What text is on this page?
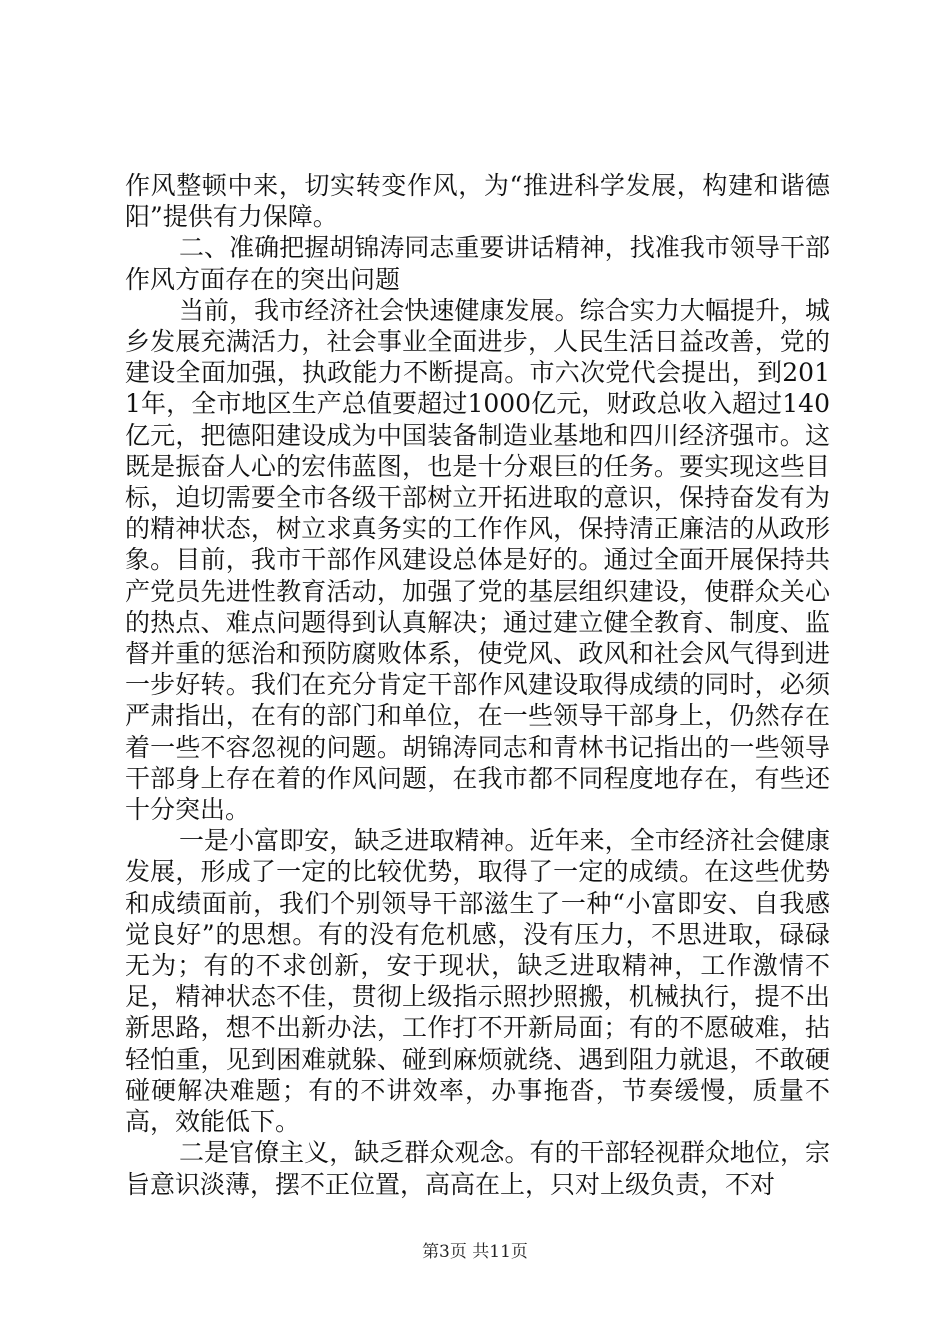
作风整顿中来，切实转变作风，为“推进科学发展，构建和谐德阳”提供有力保障。

二、准确把握胡锦涛同志重要讲话精神，找准我市领导干部作风方面存在的突出问题

当前，我市经济社会快速健康发展。综合实力大幅提升，城乡发展充满活力，社会事业全面进步，人民生活日益改善，党的建设全面加强，执政能力不断提高。市六次党代会提出，到2011年，全市地区生产总值要超过1000亿元，财政总收入超过140亿元，把德阳建设成为中国装备制造业基地和四川经济强市。这既是振奋人心的宏伟蓝图，也是十分艰巨的任务。要实现这些目标，迫切需要全市各级干部树立开拓进取的意识，保持奋发有为的精神状态，树立求真务实的工作作风，保持清正廉洁的从政形象。目前，我市干部作风建设总体是好的。通过全面开展保持共产党员先进性教育活动，加强了党的基层组织建设，使群众关心的热点、难点问题得到认真解决；通过建立健全教育、制度、监督并重的惩治和预防腐败体系，使党风、政风和社会风气得到进一步好转。我们在充分肯定干部作风建设取得成绩的同时，必须严肃指出，在有的部门和单位，在一些领导干部身上，仍然存在着一些不容忽视的问题。胡锦涛同志和青林书记指出的一些领导干部身上存在着的作风问题，在我市都不同程度地存在，有些还十分突出。

一是小富即安，缺乏进取精神。近年来，全市经济社会健康发展，形成了一定的比较优势，取得了一定的成绩。在这些优势和成绩面前，我们个别领导干部滋生了一种“小富即安、自我感觉良好”的思想。有的没有危机感，没有压力，不思进取，碌碌无为；有的不求创新，安于现状，缺乏进取精神，工作激情不足，精神状态不佳，贯彻上级指示照抄照搬，机械执行，提不出新思路，想不出新办法，工作打不开新局面；有的不愿破难，拈轻怕重，见到困难就躲、碰到麻烦就绕、遇到阻力就退，不敢硬碰硬解决难题；有的不讲效率，办事拖沓，节奏缓慢，质量不高，效能低下。

二是官僚主义，缺乏群众观念。有的干部轻视群众地位，宗旨意识淡薄，摆不正位置，高高在上，只对上级负责，不对

第3页 共11页
